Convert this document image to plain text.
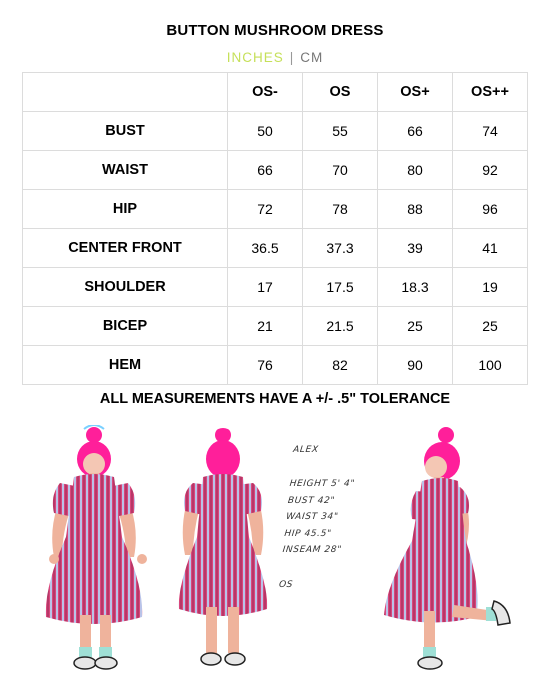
BUTTON MUSHROOM DRESS
INCHES | CM
	OS-	OS	OS+	OS++
BUST	50	55	66	74
WAIST	66	70	80	92
HIP	72	78	88	96
CENTER FRONT	36.5	37.3	39	41
SHOULDER	17	17.5	18.3	19
BICEP	21	21.5	25	25
HEM	76	82	90	100
ALL MEASUREMENTS HAVE A +/- .5" TOLERANCE
ALEX
HEIGHT 5' 4"
BUST 42"
WAIST 34"
HIP 45.5"
INSEAM 28"
OS
